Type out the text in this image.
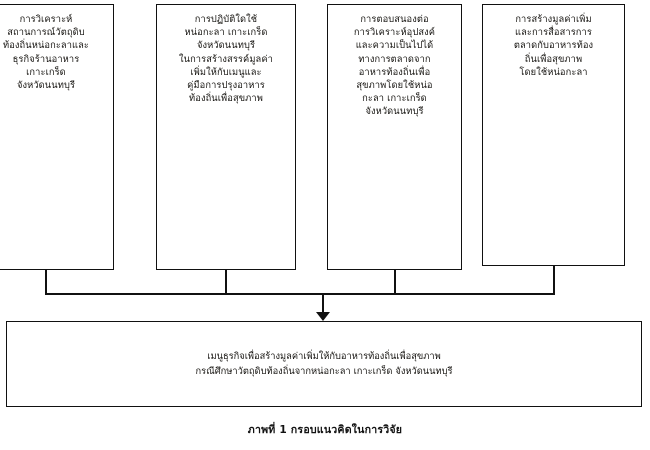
การวิเคราะห์

สถานการณ์วัตถุดิบ

ท้องถิ่นหน่อกะลาและ

ธุรกิจร้านอาหาร

เกาะเกร็ด

จังหวัดนนทบุรี

การปฏิบัติใดใช้

หน่อกะลา เกาะเกร็ด

จังหวัดนนทบุรี

ในการสร้างสรรค์มูลค่า

เพิ่มให้กับเมนูและ

คู่มือการปรุงอาหาร

ท้องถิ่นเพื่อสุขภาพ

การตอบสนองต่อ

การวิเคราะห์อุปสงค์

และความเป็นไปได้

ทางการตลาดจาก

อาหารท้องถิ่นเพื่อ

สุขภาพโดยใช้หน่อ

กะลา เกาะเกร็ด

จังหวัดนนทบุรี

การสร้างมูลค่าเพิ่ม

และการสื่อสารการ

ตลาดกับอาหารท้อง

ถิ่นเพื่อสุขภาพ

โดยใช้หน่อกะลา

เมนูธุรกิจเพื่อสร้างมูลค่าเพิ่มให้กับอาหารท้องถิ่นเพื่อสุขภาพ

กรณีศึกษาวัตถุดิบท้องถิ่นจากหน่อกะลา เกาะเกร็ด จังหวัดนนทบุรี

ภาพที่ 1 กรอบแนวคิดในการวิจัย
